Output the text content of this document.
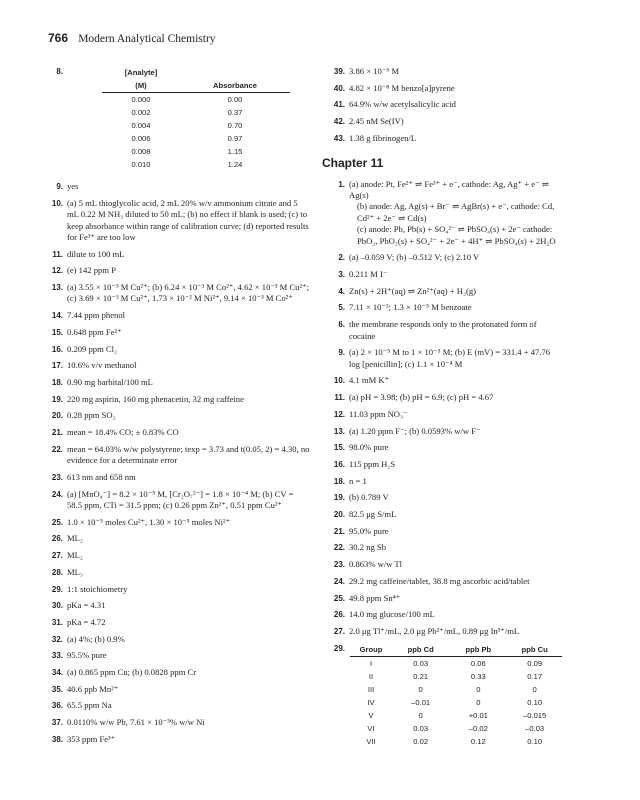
766 Modern Analytical Chemistry
8.	[Analyte]
(M)	Absorbance
0.000	0.00
0.002	0.37
0.004	0.70
0.006	0.97
0.008	1.15
0.010	1.24
9. yes
10. (a) 5 mL thioglycolic acid, 2 mL 20% w/v ammonium citrate and 5 mL 0.22 M NH₃ diluted to 50 mL; (b) no effect if blank is used; (c) to keep absorbance within range of calibration curve; (d) reported results for Fe³⁺ are too low
11. dilute to 100 mL
12. (e) 142 ppm P
13. (a) 3.55 × 10⁻³ M Cu²⁺; (b) 6.24 × 10⁻³ M Co²⁺, 4.62 × 10⁻³ M Cu²⁺; (c) 3.69 × 10⁻³ M Cu²⁺, 1.73 × 10⁻² M Ni²⁺, 9.14 × 10⁻³ M Co²⁺
14. 7.44 ppm phenol
15. 0.648 ppm Fe²⁺
16. 0.209 ppm Cl₂
17. 10.6% v/v methanol
18. 0.90 mg barbital/100 mL
19. 220 mg aspirin, 160 mg phenacetin, 32 mg caffeine
20. 0.28 ppm SO₂
21. mean = 18.4% CO; ± 0.83% CO
22. mean = 64.03% w/w polystyrene; texp = 3.73 and t(0.05, 2) = 4.30, no evidence for a determinate error
23. 613 nm and 658 nm
24. (a) [MnO₄⁻] = 8.2 × 10⁻⁵ M, [Cr₂O₇²⁻] = 1.8 × 10⁻⁴ M; (b) CV = 58.5 ppm, CTi = 31.5 ppm; (c) 0.26 ppm Zn²⁺, 0.51 ppm Cu²⁺
25. 1.0 × 10⁻⁵ moles Cu²⁺, 1.30 × 10⁻⁵ moles Ni²⁺
26. ML₂
27. ML₂
28. ML₃
29. 1:1 stoichiometry
30. pKa = 4.31
31. pKa = 4.72
32. (a) 4%; (b) 0.9%
33. 95.5% pure
34. (a) 0.865 ppm Cu; (b) 0.0828 ppm Cr
35. 40.6 ppb Mn²⁺
36. 65.5 ppm Na
37. 0.0110% w/w Pb, 7.61 × 10⁻³% w/w Ni
38. 353 ppm Fe³⁺
39. 3.86 × 10⁻⁵ M
40. 4.82 × 10⁻⁸ M benzo[a]pyrene
41. 64.9% w/w acetylsalicylic acid
42. 2.45 nM Se(IV)
43. 1.38 g fibrinogen/L
Chapter 11
1. (a) anode: Pt, Fe²⁺ ⇌ Fe³⁺ + e⁻, cathode: Ag, Ag⁺ + e⁻ ⇌ Ag(s)
(b) anode: Ag, Ag(s) + Br⁻ ⇌ AgBr(s) + e⁻, cathode: Cd, Cd²⁺ + 2e⁻ ⇌ Cd(s)
(c) anode: Pb, Pb(s) + SO₄²⁻ ⇌ PbSO₄(s) + 2e⁻ cathode: PbO₂, PbO₂(s) + SO₄²⁻ + 2e⁻ + 4H⁺ ⇌ PbSO₄(s) + 2H₂O
2. (a) –0.059 V; (b) –0.512 V; (c) 2.10 V
3. 0.211 M I⁻
4. Zn(s) + 2H⁺(aq) ⇌ Zn²⁺(aq) + H₂(g)
5. 7.11 × 10⁻³; 1.3 × 10⁻⁵ M benzoate
6. the membrane responds only to the protonated form of cocaine
9. (a) 2 × 10⁻⁵ M to 1 × 10⁻⁵ M; (b) E (mV) = 331.4 + 47.76 log [penicillin]; (c) 1.1 × 10⁻⁴ M
10. 4.1 mM K⁺
11. (a) pH = 3.98; (b) pH = 6.9; (c) pH = 4.67
12. 11.03 ppm NO₃⁻
13. (a) 1.20 ppm F⁻; (b) 0.0593% w/w F⁻
15. 98.0% pure
16. 115 ppm H₂S
18. n = 1
19. (b) 0.789 V
20. 82.5 μg S/mL
21. 95.0% pure
22. 30.2 ng Sb
23. 0.863% w/w Tl
24. 29.2 mg caffeine/tablet, 38.8 mg ascorbic acid/tablet
25. 49.8 ppm Sn⁴⁺
26. 14.0 mg glucose/100 mL
27. 2.0 μg Tl⁺/mL, 2.0 μg Pb²⁺/mL, 0.89 μg In³⁺/mL
29. Group	ppb Cd	ppb Pb	ppb Cu
I	0.03	0.06	0.09
II	0.21	0.33	0.17
III	0	0	0
IV	–0.01	0	0.10
V	0	+0.01	–0.015
VI	0.03	–0.02	–0.03
VII	0.02	0.12	0.10
